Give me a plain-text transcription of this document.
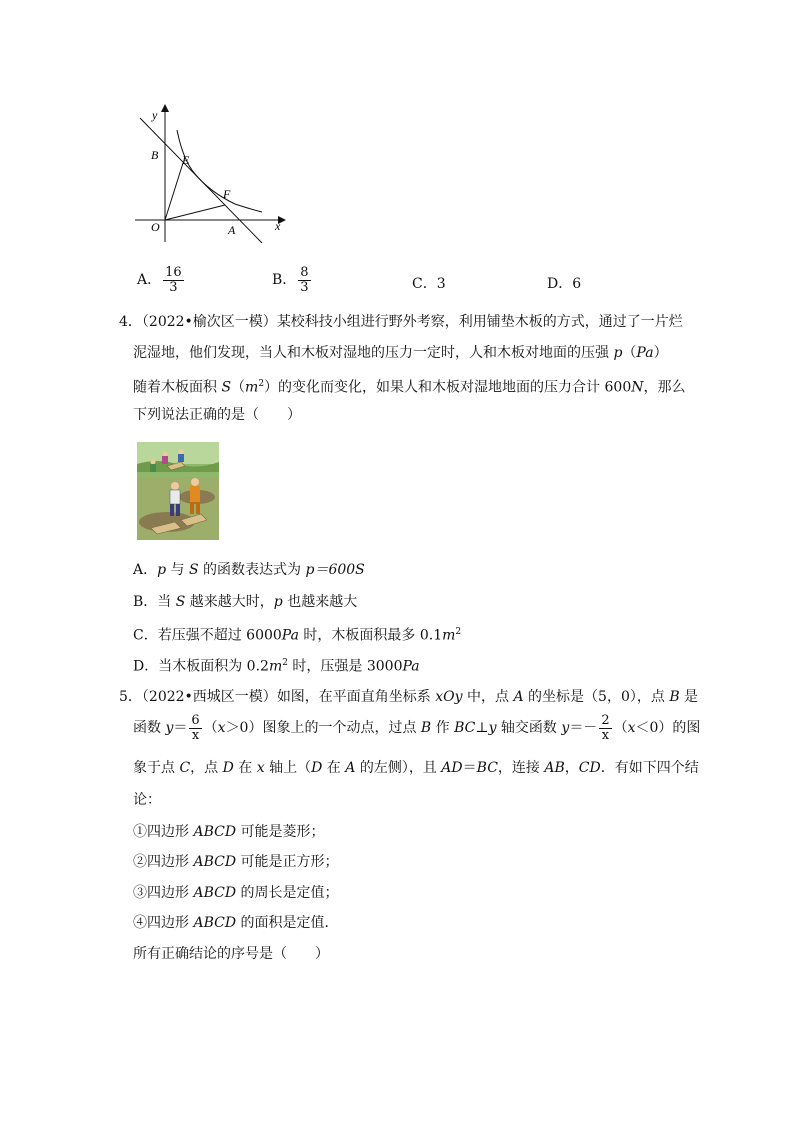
y
B E
F
O	A	x
A． $\frac{16}{3}$	B． $\frac{8}{3}$	C．3	D．6
4．（2022•榆次区一模）某校科技小组进行野外考察，利用铺垫木板的方式，通过了一片烂
泥湿地，他们发现，当人和木板对湿地的压力一定时，人和木板对地面的压强 p（Pa）
随着木板面积 $S(m^2)$的变化而变化，如果人和木板对湿地地面的压力合计 600N，那么
下列说法正确的是（　　）
A．p 与 S 的函数表达式为 p＝600S
B．当 S 越来越大时，p 也越来越大
C．若压强不超过 6000Pa 时，木板面积最多 $0.1m^2$
D．当木板面积为 $0.2m^2$ 时，压强是 3000Pa
5．（2022•西城区一模）如图，在平面直角坐标系 xOy 中，点 A 的坐标是（5，0），点 B 是
函数 $y= \frac{6}{x} (x>0)$图象上的一个动点，过点 B 作 BC⊥y 轴交函数 $y=- \frac{2}{x} (x<0)$的图
象于点 C，点 D 在 x 轴上（D 在 A 的左侧），且 AD＝BC，连接 AB，CD．有如下四个结
论：
①四边形 ABCD 可能是菱形；
②四边形 ABCD 可能是正方形；
③四边形 ABCD 的周长是定值；
④四边形 ABCD 的面积是定值．
所有正确结论的序号是（　　）
